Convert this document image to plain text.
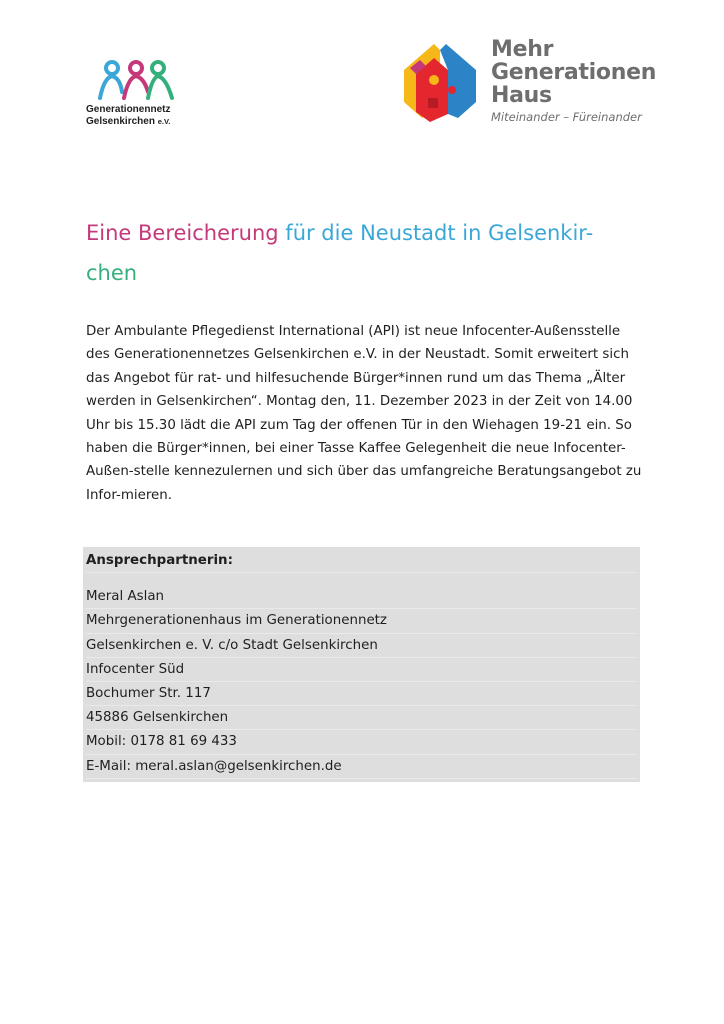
Generationennetz
Gelsenkirchen e.V.
Mehr
Generationen
Haus
Miteinander – Füreinander
Eine Bereicherung für die Neustadt in Gelsenkir-
chen

Der Ambulante Pflegedienst International (API) ist neue Infocenter-Außensstelle des Generationennetzes Gelsenkirchen e.V. in der Neustadt. Somit erweitert sich das Angebot für rat- und hilfesuchende Bürger*innen rund um das Thema „Älter werden in Gelsenkirchen“. Montag den, 11. Dezember 2023 in der Zeit von 14.00 Uhr bis 15.30 lädt die API zum Tag der offenen Tür in den Wiehagen 19-21 ein. So haben die Bürger*innen, bei einer Tasse Kaffee Gelegenheit die neue Infocenter-Außen-stelle kennezulernen und sich über das umfangreiche Beratungsangebot zu Infor-mieren.

Ansprechpartnerin:
Meral Aslan
Mehrgenerationenhaus im Generationennetz
Gelsenkirchen e. V. c/o Stadt Gelsenkirchen
Infocenter Süd
Bochumer Str. 117
45886 Gelsenkirchen
Mobil: 0178 81 69 433
E-Mail: meral.aslan@gelsenkirchen.de
